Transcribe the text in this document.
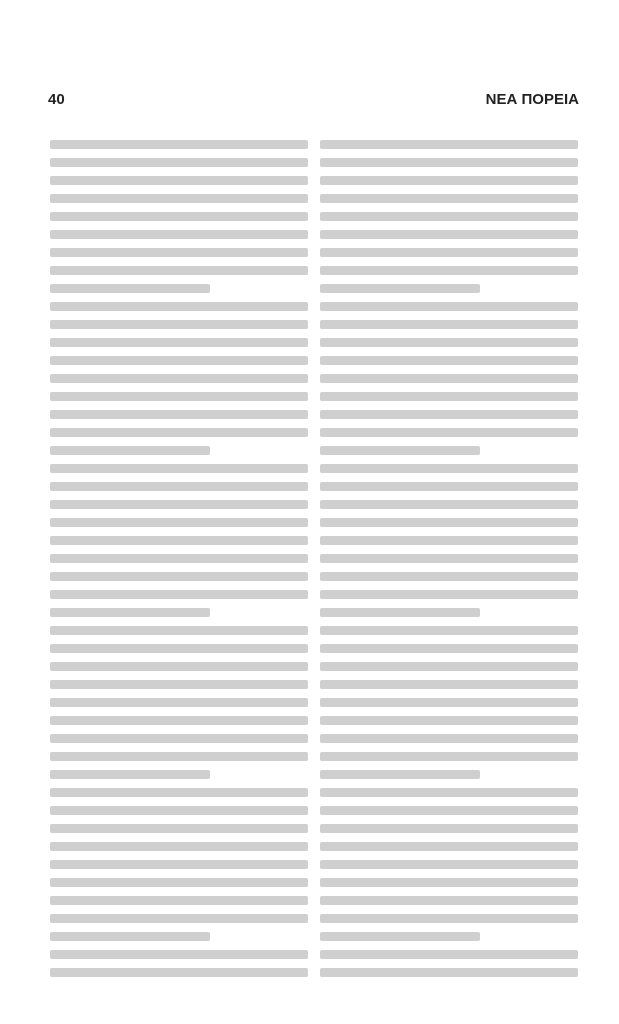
40	ΝΕΑ ΠΟΡΕΙΑ
